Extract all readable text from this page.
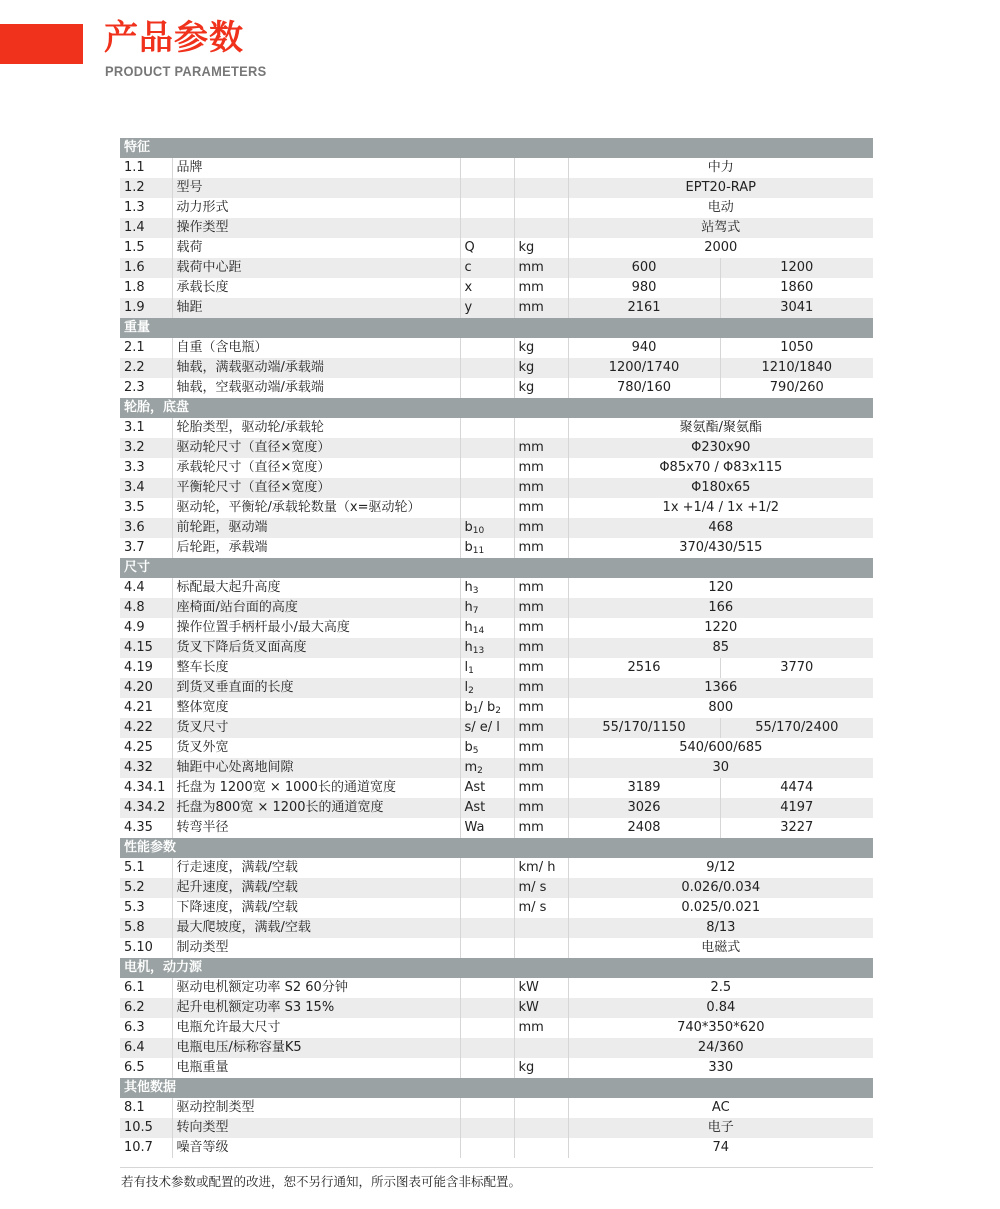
产品参数
PRODUCT PARAMETERS
特征					
1.1	品牌			中力	
1.2	型号			EPT20-RAP	
1.3	动力形式			电动	
1.4	操作类型			站驾式	
1.5	载荷	Q	kg	2000	
1.6	载荷中心距	c	mm	600	1200
1.8	承载长度	x	mm	980	1860
1.9	轴距	y	mm	2161	3041
重量					
2.1	自重（含电瓶）		kg	940	1050
2.2	轴载，满载驱动端/承载端		kg	1200/1740	1210/1840
2.3	轴载，空载驱动端/承载端		kg	780/160	790/260
轮胎，底盘					
3.1	轮胎类型，驱动轮/承载轮			聚氨酯/聚氨酯	
3.2	驱动轮尺寸（直径×宽度）		mm	Φ230x90	
3.3	承载轮尺寸（直径×宽度）		mm	Φ85x70 / Φ83x115	
3.4	平衡轮尺寸（直径×宽度）		mm	Φ180x65	
3.5	驱动轮，平衡轮/承载轮数量（x=驱动轮）		mm	1x +1/4 / 1x +1/2	
3.6	前轮距，驱动端	$b_{10}$	mm	468	
3.7	后轮距，承载端	$b_{11}$	mm	370/430/515	
尺寸					
4.4	标配最大起升高度	$h_3$	mm	120	
4.8	座椅面/站台面的高度	$h_7$	mm	166	
4.9	操作位置手柄杆最小/最大高度	$h_{14}$	mm	1220	
4.15	货叉下降后货叉面高度	$h_{13}$	mm	85	
4.19	整车长度	$l_1$	mm	2516	3770
4.20	到货叉垂直面的长度	$l_2$	mm	1366	
4.21	整体宽度	$b_1/$ $b_2$	mm	800	
4.22	货叉尺寸	s/ e/ l	mm	55/170/1150	55/170/2400
4.25	货叉外宽	$b_5$	mm	540/600/685	
4.32	轴距中心处离地间隙	$m_2$	mm	30	
4.34.1	托盘为 1200宽 × 1000长的通道宽度	Ast	mm	3189	4474
4.34.2	托盘为800宽 × 1200长的通道宽度	Ast	mm	3026	4197
4.35	转弯半径	Wa	mm	2408	3227
性能参数					
5.1	行走速度，满载/空载		km/ h	9/12	
5.2	起升速度，满载/空载		m/ s	0.026/0.034	
5.3	下降速度，满载/空载		m/ s	0.025/0.021	
5.8	最大爬坡度，满载/空载			8/13	
5.10	制动类型			电磁式	
电机，动力源					
6.1	驱动电机额定功率 S2 60分钟		kW	2.5	
6.2	起升电机额定功率 S3 15%		kW	0.84	
6.3	电瓶允许最大尺寸		mm	740*350*620	
6.4	电瓶电压/标称容量K5			24/360	
6.5	电瓶重量		kg	330	
其他数据					
8.1	驱动控制类型			AC	
10.5	转向类型			电子	
10.7	噪音等级			74	
若有技术参数或配置的改进，恕不另行通知，所示图表可能含非标配置。
